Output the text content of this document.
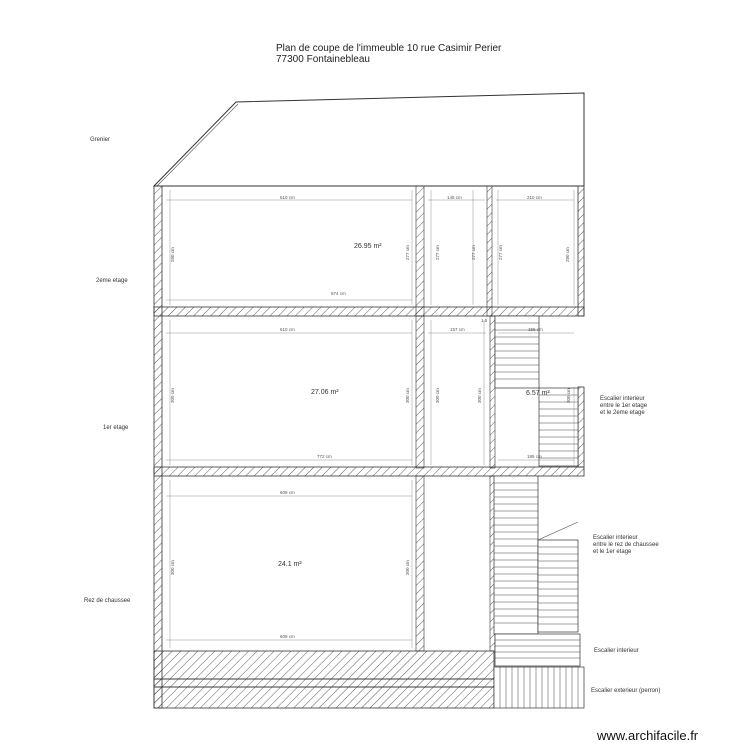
Plan de coupe de l'immeuble 10 rue Casimir Perier
77300 Fontainebleau
Grenier
2eme etage
1er etage
Rez de chaussee
26.95 m²
27.06 m²	6.57 m²
24.1 m²
610 cm	145 cm	210 cm
974 cm
280 cm	277 cm	277 cm	277 cm	277 cm	280 cm
610 cm	157 cm
1.5
155 cm
772 cm	185 cm
300 cm	300 cm	300 cm	300 cm	300 cm
609 cm
609 cm
300 cm	300 cm
Escalier interieur
entre le 1er etage
et le 2eme etage
Escalier interieur
entre le rez de chaussee
et le 1er etage
Escalier interieur
Escalier exterieur (perron)
www.archifacile.fr
